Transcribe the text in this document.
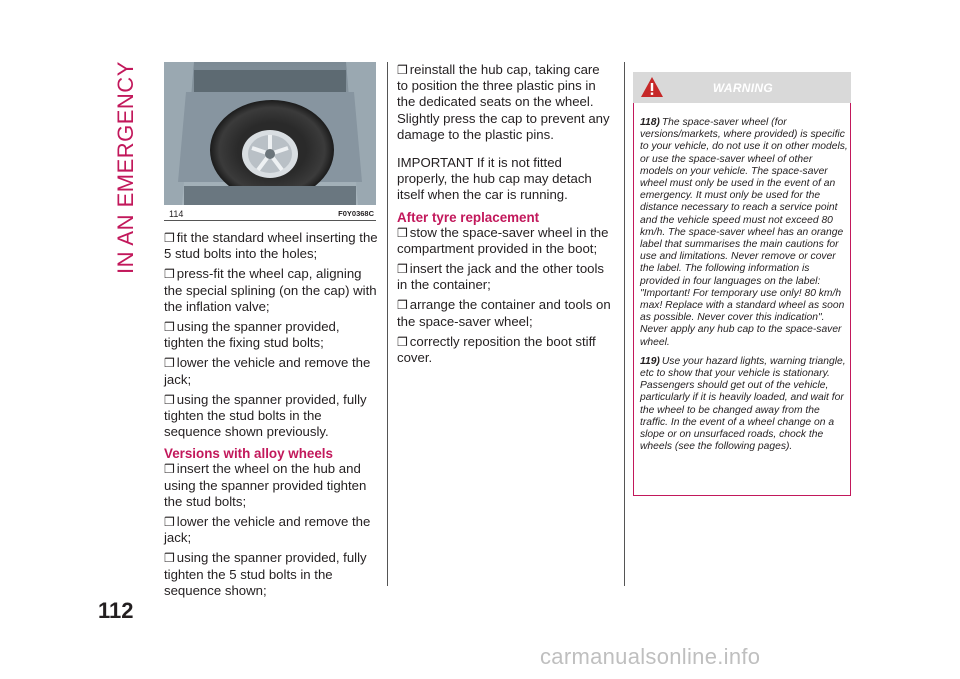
IN AN EMERGENCY
112
114	F0Y0368C

❒ fit the standard wheel inserting the 5 stud bolts into the holes;

❒ press-fit the wheel cap, aligning the special splining (on the cap) with the inflation valve;

❒ using the spanner provided, tighten the fixing stud bolts;

❒ lower the vehicle and remove the jack;

❒ using the spanner provided, fully tighten the stud bolts in the sequence shown previously.

Versions with alloy wheels

❒ insert the wheel on the hub and using the spanner provided tighten the stud bolts;

❒ lower the vehicle and remove the jack;

❒ using the spanner provided, fully tighten the 5 stud bolts in the sequence shown;

❒ reinstall the hub cap, taking care to position the three plastic pins in the dedicated seats on the wheel. Slightly press the cap to prevent any damage to the plastic pins.

IMPORTANT If it is not fitted properly, the hub cap may detach itself when the car is running.

After tyre replacement

❒ stow the space-saver wheel in the compartment provided in the boot;

❒ insert the jack and the other tools in the container;

❒ arrange the container and tools on the space-saver wheel;

❒ correctly reposition the boot stiff cover.

WARNING

118) The space-saver wheel (for versions/markets, where provided) is specific to your vehicle, do not use it on other models, or use the space-saver wheel of other models on your vehicle. The space-saver wheel must only be used in the event of an emergency. It must only be used for the distance necessary to reach a service point and the vehicle speed must not exceed 80 km/h. The space-saver wheel has an orange label that summarises the main cautions for use and limitations. Never remove or cover the label. The following information is provided in four languages on the label: "Important! For temporary use only! 80 km/h max! Replace with a standard wheel as soon as possible. Never cover this indication". Never apply any hub cap to the space-saver wheel.

119) Use your hazard lights, warning triangle, etc to show that your vehicle is stationary. Passengers should get out of the vehicle, particularly if it is heavily loaded, and wait for the wheel to be changed away from the traffic. In the event of a wheel change on a slope or on unsurfaced roads, chock the wheels (see the following pages).

carmanualsonline.info
